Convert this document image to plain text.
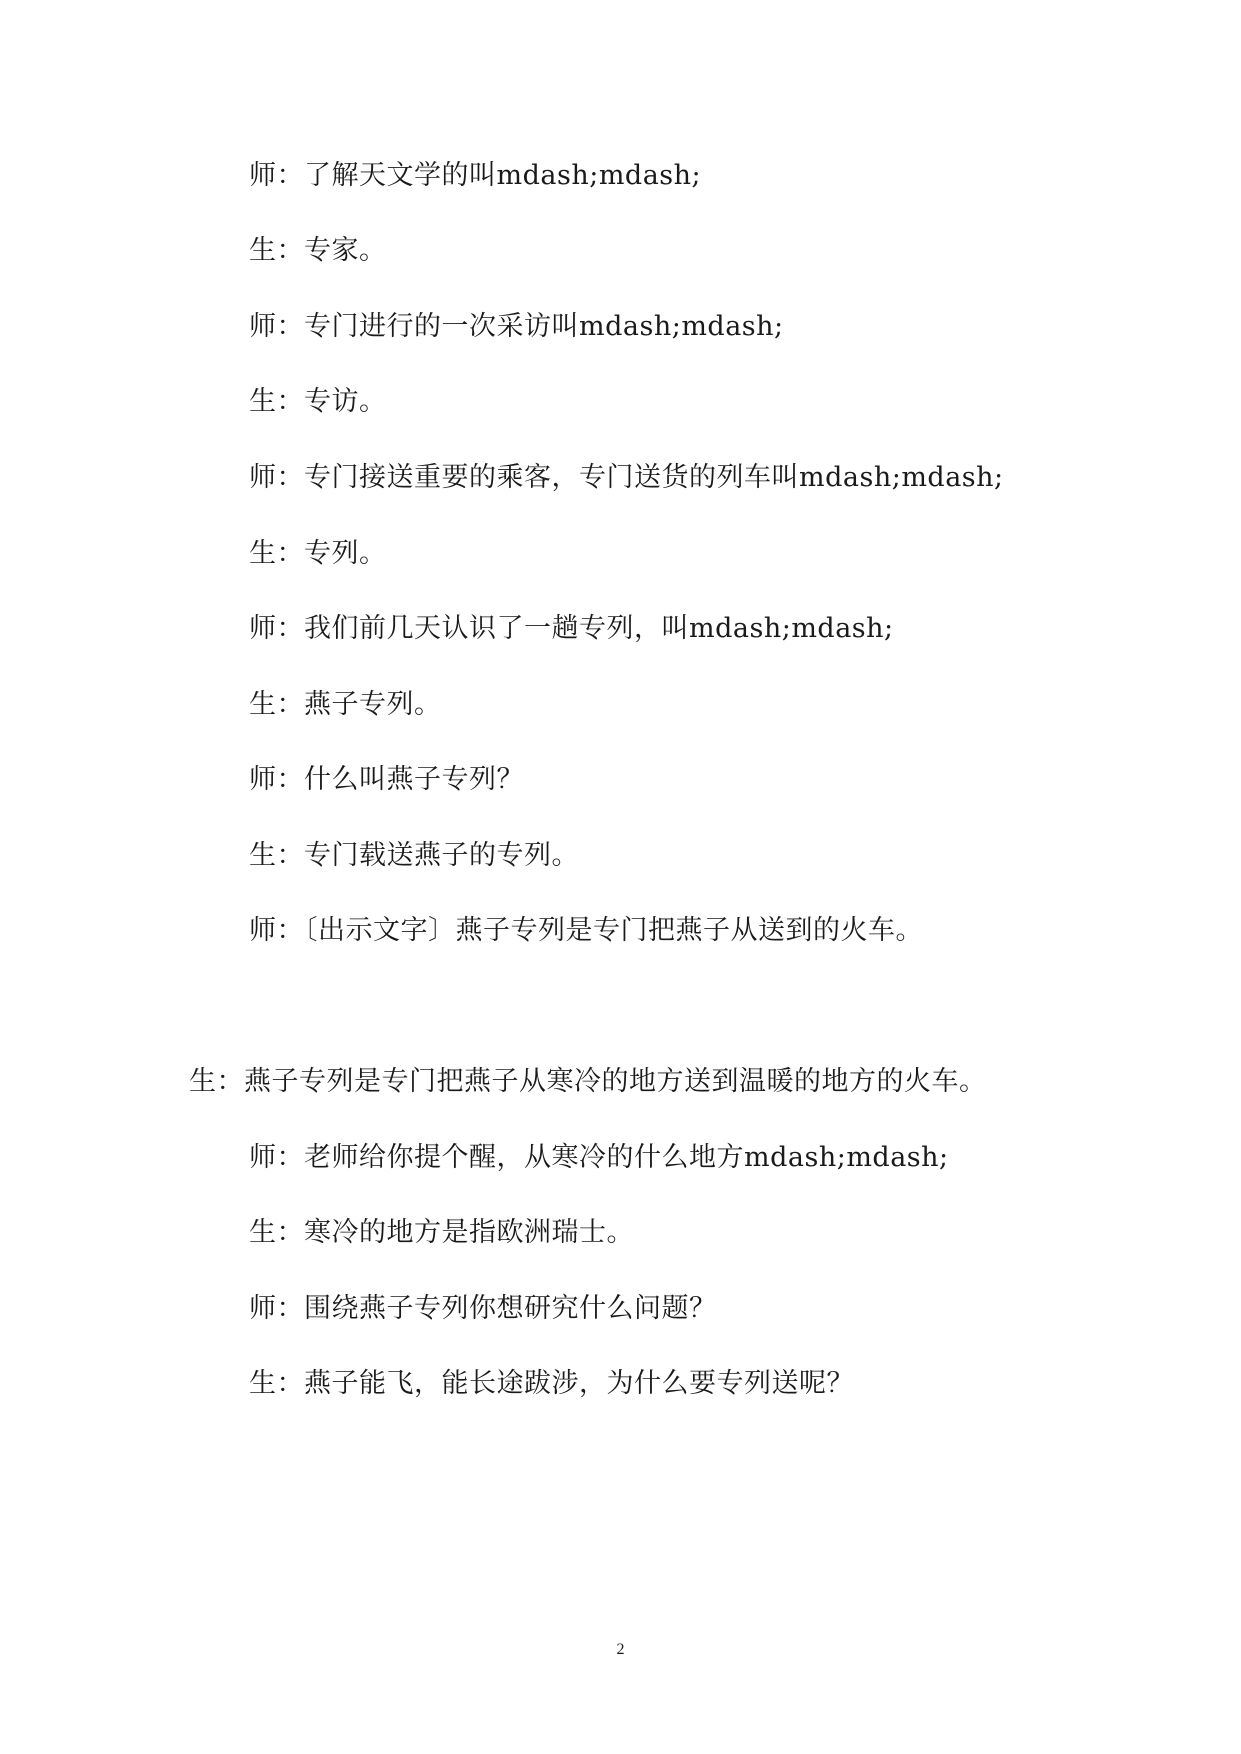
师：了解天文学的叫mdash;mdash;
生：专家。
师：专门进行的一次采访叫mdash;mdash;
生：专访。
师：专门接送重要的乘客，专门送货的列车叫mdash;mdash;
生：专列。
师：我们前几天认识了一趟专列，叫mdash;mdash;
生：燕子专列。
师：什么叫燕子专列？
生：专门载送燕子的专列。
师：〔出示文字〕燕子专列是专门把燕子从送到的火车。
生：燕子专列是专门把燕子从寒冷的地方送到温暖的地方的火车。
师：老师给你提个醒，从寒冷的什么地方mdash;mdash;
生：寒冷的地方是指欧洲瑞士。
师：围绕燕子专列你想研究什么问题？
生：燕子能飞，能长途跋涉，为什么要专列送呢？
2
